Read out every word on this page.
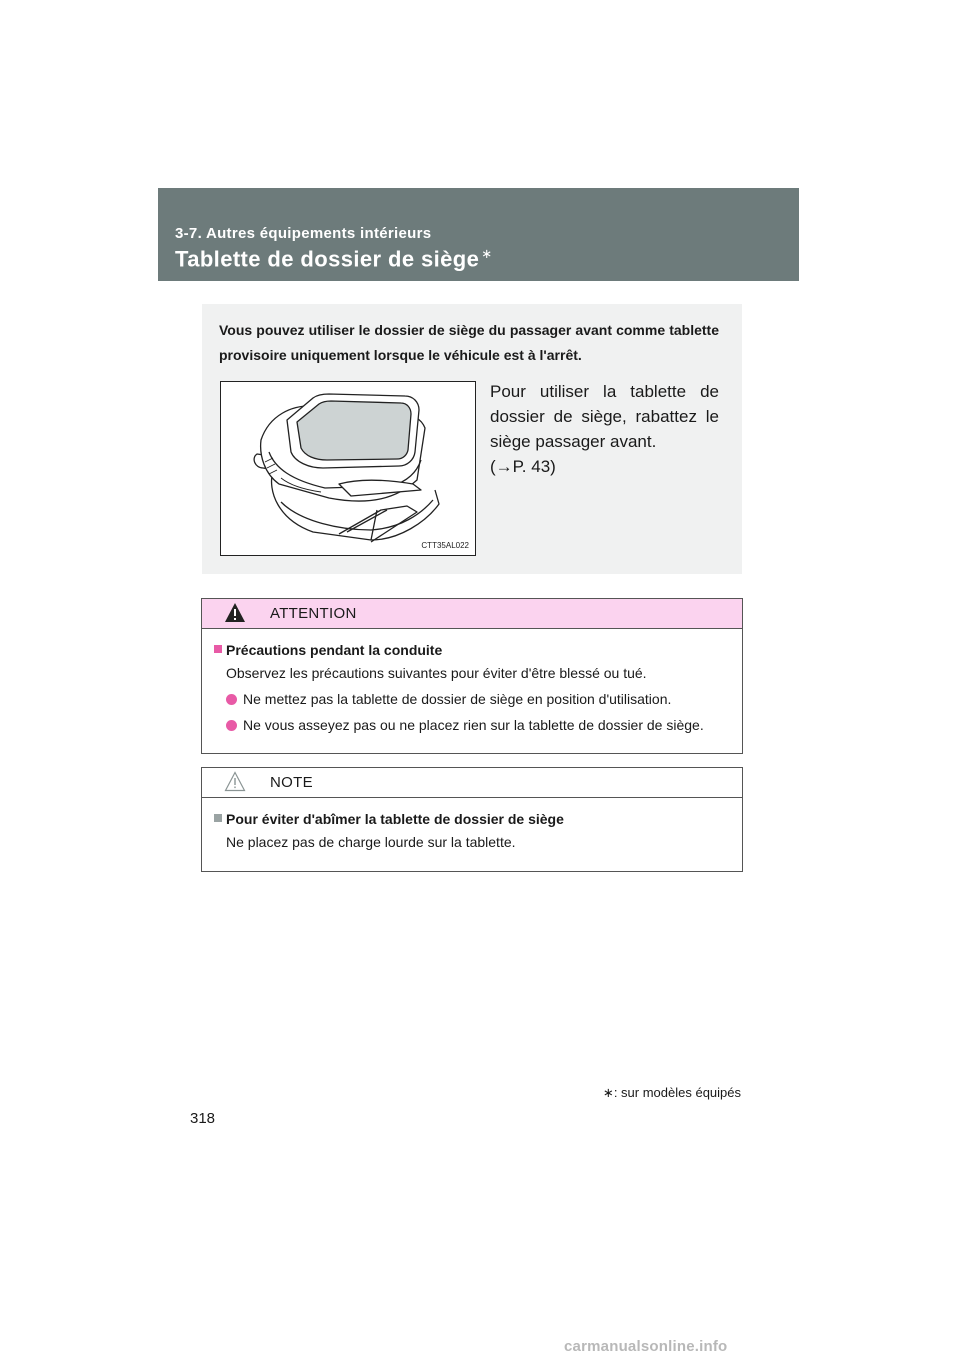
3-7. Autres équipements intérieurs
Tablette de dossier de siège ∗
Vous pouvez utiliser le dossier de siège du passager avant comme tablette provisoire uniquement lorsque le véhicule est à l'arrêt.
CTT35AL022
Pour utiliser la tablette de dossier de siège, rabattez le siège passager avant.
(→P. 43)
ATTENTION

Précautions pendant la conduite

Observez les précautions suivantes pour éviter d'être blessé ou tué.

Ne mettez pas la tablette de dossier de siège en position d'utilisation.

Ne vous asseyez pas ou ne placez rien sur la tablette de dossier de siège.

NOTE

Pour éviter d'abîmer la tablette de dossier de siège

Ne placez pas de charge lourde sur la tablette.

∗: sur modèles équipés
318
carmanualsonline.info
